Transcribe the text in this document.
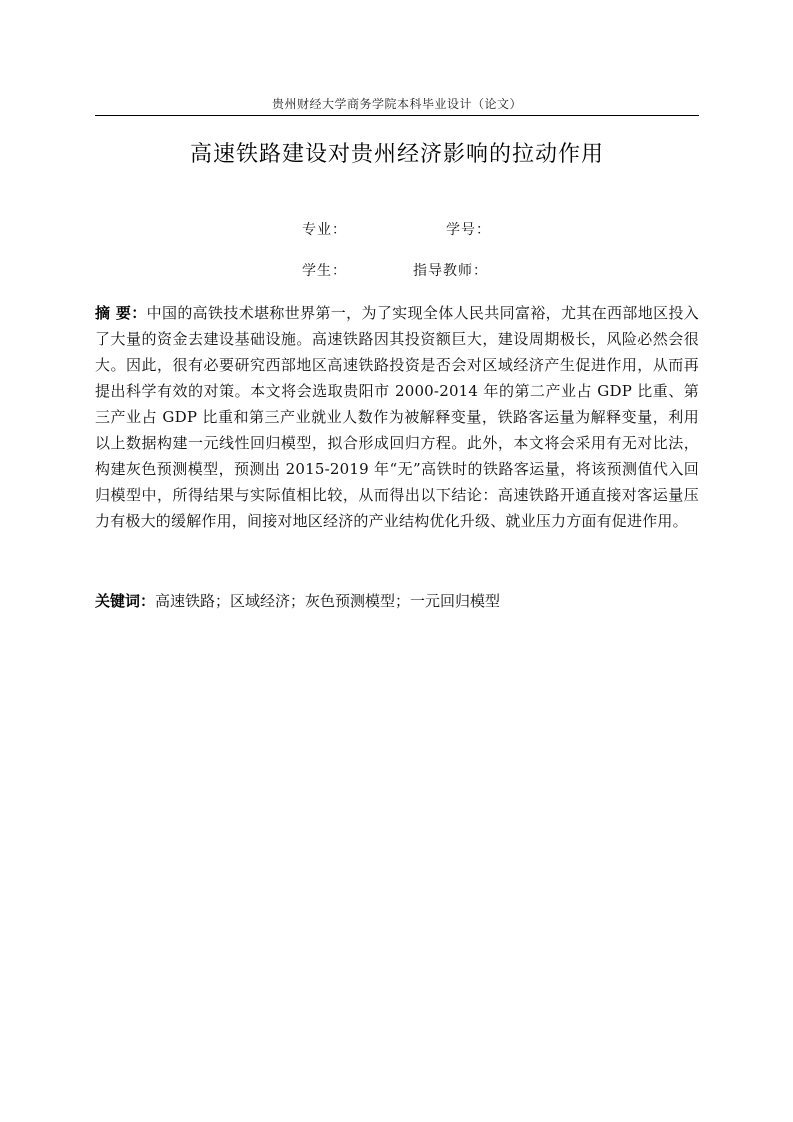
贵州财经大学商务学院本科毕业设计（论文）
高速铁路建设对贵州经济影响的拉动作用
专业：	学号：
学生：	指导教师：
摘 要：中国的高铁技术堪称世界第一，为了实现全体人民共同富裕，尤其在西部地区投入了大量的资金去建设基础设施。高速铁路因其投资额巨大，建设周期极长，风险必然会很大。因此，很有必要研究西部地区高速铁路投资是否会对区域经济产生促进作用，从而再提出科学有效的对策。本文将会选取贵阳市 2000-2014 年的第二产业占 GDP 比重、第三产业占 GDP 比重和第三产业就业人数作为被解释变量，铁路客运量为解释变量，利用以上数据构建一元线性回归模型，拟合形成回归方程。此外，本文将会采用有无对比法，构建灰色预测模型，预测出 2015-2019 年“无”高铁时的铁路客运量，将该预测值代入回归模型中，所得结果与实际值相比较，从而得出以下结论：高速铁路开通直接对客运量压力有极大的缓解作用，间接对地区经济的产业结构优化升级、就业压力方面有促进作用。
关键词：高速铁路；区域经济；灰色预测模型；一元回归模型
